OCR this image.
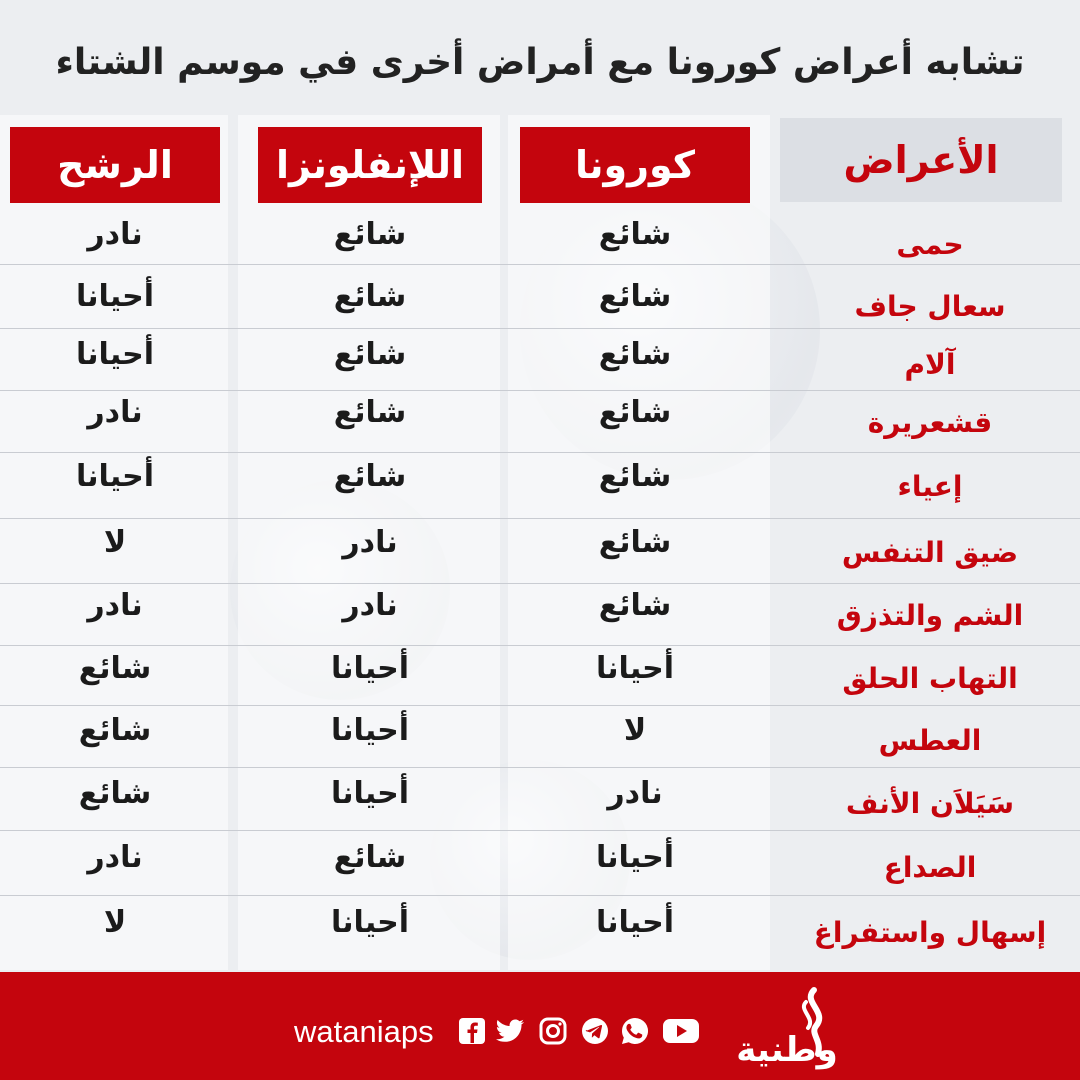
تشابه أعراض كورونا مع أمراض أخرى في موسم الشتاء
الأعراض
كورونا
اللإنفلونزا
الرشح
حمى
شائع
شائع
نادر
سعال جاف
شائع
شائع
أحيانا
آلام
شائع
شائع
أحيانا
قشعريرة
شائع
شائع
نادر
إعياء
شائع
شائع
أحيانا
ضيق التنفس
شائع
نادر
لا
الشم والتذزق
شائع
نادر
نادر
التهاب الحلق
أحيانا
أحيانا
شائع
العطس
لا
أحيانا
شائع
سَيَلاَن الأنف
نادر
أحيانا
شائع
الصداع
أحيانا
شائع
نادر
إسهال واستفراغ
أحيانا
أحيانا
لا
wataniaps	وطنية
